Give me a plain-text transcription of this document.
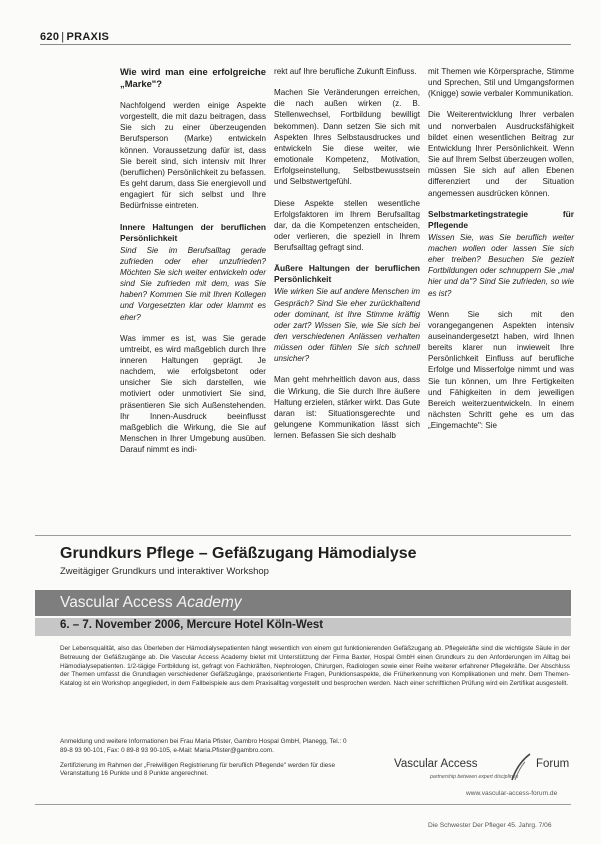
620 | PRAXIS
Wie wird man eine erfolgreiche „Marke"?

Nachfolgend werden einige Aspekte vorgestellt, die mit dazu beitragen, dass Sie sich zu einer überzeugenden Berufsperson (Marke) entwickeln können. Voraussetzung dafür ist, dass Sie bereit sind, sich intensiv mit Ihrer (beruflichen) Persönlichkeit zu befassen. Es geht darum, dass Sie energievoll und engagiert für sich selbst und Ihre Bedürfnisse eintreten.

Innere Haltungen der beruflichen Persönlichkeit

Sind Sie im Berufsalltag gerade zufrieden oder eher unzufrieden? Möchten Sie sich weiter entwickeln oder sind Sie zufrieden mit dem, was Sie haben? Kommen Sie mit Ihren Kollegen und Vorgesetzten klar oder klammt es eher?

Was immer es ist, was Sie gerade umtreibt, es wird maßgeblich durch Ihre inneren Haltungen geprägt. Je nachdem, wie erfolgsbetont oder unsicher Sie sich darstellen, wie motiviert oder unmotiviert Sie sind, präsentieren Sie sich Außenstehenden. Ihr Innen-Ausdruck beeinflusst maßgeblich die Wirkung, die Sie auf Menschen in Ihrer Umgebung ausüben. Darauf nimmt es indi-

rekt auf Ihre berufliche Zukunft Einfluss.

Machen Sie Veränderungen erreichen, die nach außen wirken (z. B. Stellenwechsel, Fortbildung bewilligt bekommen). Dann setzen Sie sich mit Aspekten Ihres Selbstausdruckes und entwickeln Sie diese weiter, wie emotionale Kompetenz, Motivation, Erfolgseinstellung, Selbstbewusstsein und Selbstwertgefühl.

Diese Aspekte stellen wesentliche Erfolgsfaktoren im Ihrem Berufsalltag dar, da die Kompetenzen entscheiden, oder verlieren, die speziell in Ihrem Berufsalltag gefragt sind.

Äußere Haltungen der beruflichen Persönlichkeit

Wie wirken Sie auf andere Menschen im Gespräch? Sind Sie eher zurückhaltend oder dominant, ist Ihre Stimme kräftig oder zart? Wissen Sie, wie Sie sich bei den verschiedenen Anlässen verhalten müssen oder fühlen Sie sich schnell unsicher?

Man geht mehrheitlich davon aus, dass die Wirkung, die Sie durch Ihre äußere Haltung erzielen, stärker wirkt. Das Gute daran ist: Situationsgerechte und gelungene Kommunikation lässt sich lernen. Befassen Sie sich deshalb

mit Themen wie Körpersprache, Stimme und Sprechen, Stil und Umgangsformen (Knigge) sowie verbaler Kommunikation.

Die Weiterentwicklung Ihrer verbalen und nonverbalen Ausdrucksfähigkeit bildet einen wesentlichen Beitrag zur Entwicklung Ihrer Persönlichkeit. Wenn Sie auf Ihrem Selbst überzeugen wollen, müssen Sie sich auf allen Ebenen differenziert und der Situation angemessen ausdrücken können.

Selbstmarketingstrategie für Pflegende

Wissen Sie, was Sie beruflich weiter machen wollen oder lassen Sie sich eher treiben? Besuchen Sie gezielt Fortbildungen oder schnuppern Sie „mal hier und da"? Sind Sie zufrieden, so wie es ist?

Wenn Sie sich mit den vorangegangenen Aspekten intensiv auseinandergesetzt haben, wird Ihnen bereits klarer nun inwieweit Ihre Persönlichkeit Einfluss auf berufliche Erfolge und Misserfolge nimmt und was Sie tun können, um Ihre Fertigkeiten und Fähigkeiten in dem jeweiligen Bereich weiterzuentwickeln. In einem nächsten Schritt gehe es um das „Eingemachte": Sie

Grundkurs Pflege – Gefäßzugang Hämodialyse
Zweitägiger Grundkurs und interaktiver Workshop
Vascular Access Academy
6. – 7. November 2006, Mercure Hotel Köln-West
Der Lebensqualität, also das Überleben der Hämodialysepatienten hängt wesentlich von einem gut funktionierenden Gefäßzugang ab. Pflegekräfte sind die wichtigste Säule in der Betreuung der Gefäßzugänge ab. Die Vascular Access Academy bietet mit Unterstützung der Firma Baxter, Hospal GmbH einen Grundkurs zu den Anforderungen im Alltag bei Hämodialysepatienten. 1/2-tägige Fortbildung ist, gefragt von Fachkräften, Nephrologen, Chirurgen, Radiologen sowie einer Reihe weiterer erfahrener Pflegekräfte. Der Abschluss der Themen umfasst die Grundlagen verschiedener Gefäßzugänge, praxisorientierte Fragen, Punktionsaspekte, die Früherkennung von Komplikationen und mehr. Dem Themen-Katalog ist ein Workshop angegliedert, in dem Fallbeispiele aus dem Praxisalltag vorgestellt und besprochen werden. Nach einer schriftlichen Prüfung wird ein Zertifikat ausgestellt.

Anmeldung und weitere Informationen bei Frau Maria Pfister, Gambro Hospal GmbH, Planegg, Tel.: 0 89-8 93 90-101, Fax: 0 89-8 93 90-105, e-Mail: Maria.Pfister@gambro.com.

Zertifizierung im Rahmen der „Freiwilligen Registrierung für beruflich Pflegende" werden für diese Veranstaltung 16 Punkte und 8 Punkte angerechnet.

Vascular Access	Forum
partnership between expert disciplines
www.vascular-access-forum.de
Die Schwester Der Pfleger 45. Jahrg. 7/06
